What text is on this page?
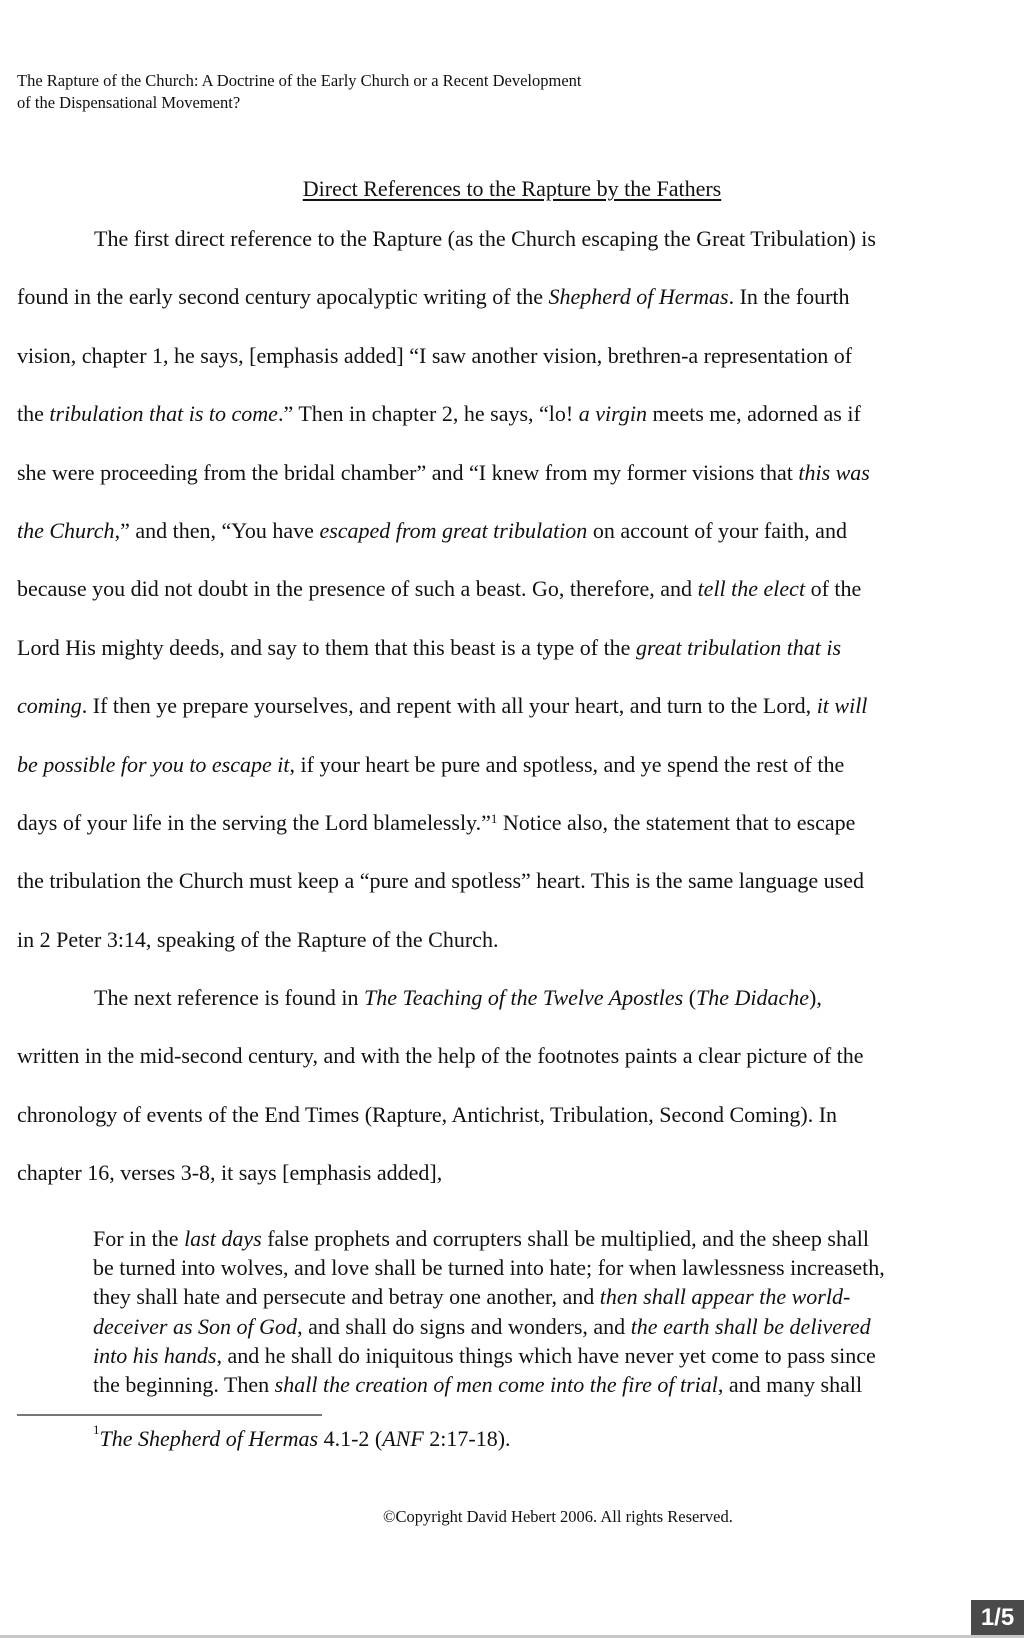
The Rapture of the Church: A Doctrine of the Early Church or a Recent Development
of the Dispensational Movement?
Direct References to the Rapture by the Fathers
The first direct reference to the Rapture (as the Church escaping the Great Tribulation) is
found in the early second century apocalyptic writing of the Shepherd of Hermas. In the fourth
vision, chapter 1, he says, [emphasis added] “I saw another vision, brethren-a representation of
the tribulation that is to come.” Then in chapter 2, he says, “lo! a virgin meets me, adorned as if
she were proceeding from the bridal chamber” and “I knew from my former visions that this was
the Church,” and then, “You have escaped from great tribulation on account of your faith, and
because you did not doubt in the presence of such a beast. Go, therefore, and tell the elect of the
Lord His mighty deeds, and say to them that this beast is a type of the great tribulation that is
coming. If then ye prepare yourselves, and repent with all your heart, and turn to the Lord, it will
be possible for you to escape it, if your heart be pure and spotless, and ye spend the rest of the
days of your life in the serving the Lord blamelessly.”$^1$ Notice also, the statement that to escape
the tribulation the Church must keep a “pure and spotless” heart. This is the same language used
in 2 Peter 3:14, speaking of the Rapture of the Church.
The next reference is found in The Teaching of the Twelve Apostles (The Didache),
written in the mid-second century, and with the help of the footnotes paints a clear picture of the
chronology of events of the End Times (Rapture, Antichrist, Tribulation, Second Coming). In
chapter 16, verses 3-8, it says [emphasis added],
For in the last days false prophets and corrupters shall be multiplied, and the sheep shall
be turned into wolves, and love shall be turned into hate; for when lawlessness increaseth,
they shall hate and persecute and betray one another, and then shall appear the world-
deceiver as Son of God, and shall do signs and wonders, and the earth shall be delivered
into his hands, and he shall do iniquitous things which have never yet come to pass since
the beginning. Then shall the creation of men come into the fire of trial, and many shall
$^1$The Shepherd of Hermas 4.1-2 (ANF 2:17-18).
©Copyright David Hebert 2006. All rights Reserved.
1/5
